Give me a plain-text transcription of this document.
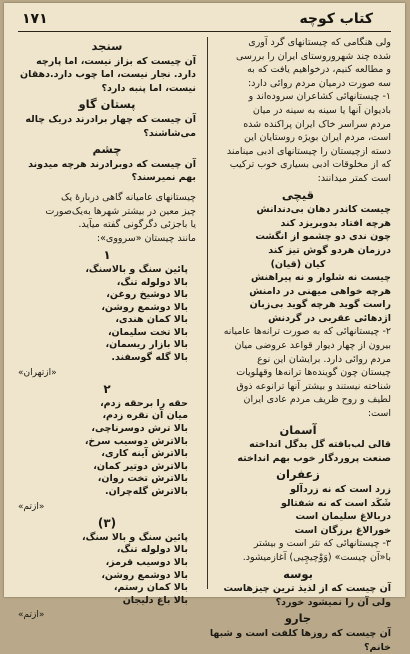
کتاب کوچه
۱۷۱

ولی هنگامی که چیستانهای گرد آوری

شده چند شهروروستای ایران را بررسی

و مطالعه کنیم، درخواهیم یافت که به

سه صورت درمیان مردم روائی دارد:

۱- چیستانهائی کشاعران سروده‌اند و

بادیوان آنها یا سینه به سینه در میان

مردم سراسر خاک ایران پراکنده شده

است، مردم ایران بویژه روستایان این

دسته ازچیستان را چیستانهای ادبی مینامند

که از مخلوقات ادبی بسیاری خوب ترکیب

است کمتر میدانند:

قیچی

چیست کاندر دهان بی‌دندانش

هرچه افتاد بدوبریزد کند

چون ندی دو چشمو از انگشت

درزمان هردو گوش تیز کند

کیان (قیان)

چیست نه شلوار و نه پیراهنش

هرچه خواهی میهنی در دامنش

راست گوید هرچه گوید بی‌زبان

اژدهائی عقربی در گردنش

۲- چیستانهائی که به صورت ترانه‌ها عامیانه

بیرون از چهار دیوار قواعد عروضی میان

مردم روائی دارد. برایشان این نوع

چیستان چون گوینده‌ها ترانه‌ها وقهلویات

شناخته نیستند و بیشتر آنها ترانوعه ذوق

لطیف و روح ظریف مردم عادی ایران

است:

آسمان

قالی لب‌بافته گل بدگل انداخته

صنعت پروردگار خوب بهم انداخته

زعفران

زرد است که نه زردآلو

شَکَد است که نه شفتالو

دربالاغ سلیمان است

خورالاغ برزگان است

۳- چیستانهائی که نثر است و بیشتر

با«آن چیست» (وَوْچیچِیی) آغازمیشود.

بوسه

آن چیست که از لذیذ ترین چیزهاست

ولی آن را نمیشود خورد؟

جارو

آن چیست که روزها کلفت است و شبها

خانم؟

سنجد

آن چیست که بزاز نیست، اما پارچه

دارد. نجار نیست، اما چوب دارد.دهقان

نیست، اما پنبه دارد؟

پستان گاو

آن چیست که چهار برادرند دریک چاله

می‌شاشند؟

چشم

آن چیست که دوبرادرند هرچه میدوند

بهم نمیرسند؟

چیستانهای عامیانه گاهی دربارهٔ یک

چیز معین در بیشتر شهرها به‌یک‌صورت

یا باجزئی دگرگونی گفته میآید.

مانند چیستان «سرووی»:

۱

پائین سنگ و بالاسنگ،

بالا دولوله تنگ،

بالا دوشیخ روغن،

بالا دوشمع روشن،

بالا کمان هندی،

بالا تخت سلیمان،

بالا بازار ریسمان،

بالا گله گوسفند.

«ازتهران»
۲

حقه را برحقه زدم،

میان آن نقره زدم،

بالا ترش دوسرناچی،

بالاترش دوسیب سرخ،

بالاترش آینه کاری،

بالاترش دوتیر کمان،

بالاترش تخت روان،

بالاترش گله‌چران.

«ازتم»
(۳)

پائین سنگ و بالا سنگ،

بالا دولوله تنگ،

بالا دوسیب قرمز،

بالا دوشمع روشن،

بالا کمان رستم،

بالا باغ دلیجان

«ازتم»
